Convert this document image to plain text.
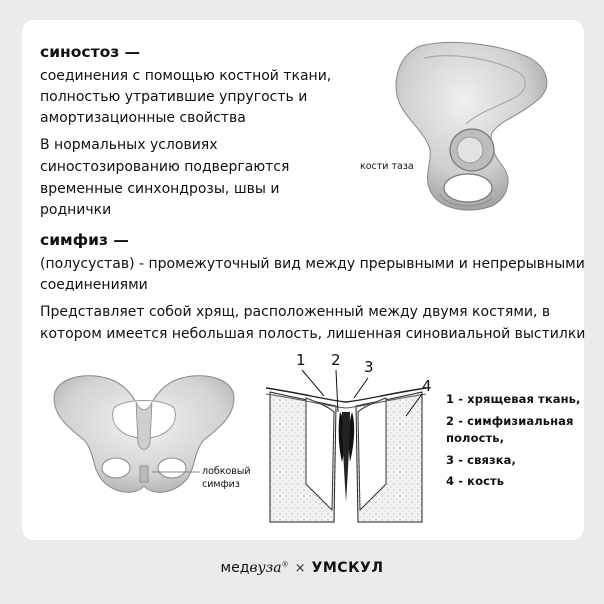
синостоз —
соединения с помощью костной ткани,
полностью утратившие упругость и
амортизационные свойства
В нормальных условиях
синостозированию подвергаются
временные синхондрозы, швы и
роднички
кости таза
симфиз —
(полусустав) - промежуточный вид между прерывными и непрерывными
соединениями
Представляет собой хрящ, расположенный между двумя костями, в
котором имеется небольшая полость, лишенная синовиальной выстилки
лобковый
симфиз
1 2 3
4
1 - хрящевая ткань,
2 - симфизиальная
полость,
3 - связка,
4 - кость
медвуза® × УМСКУЛ
